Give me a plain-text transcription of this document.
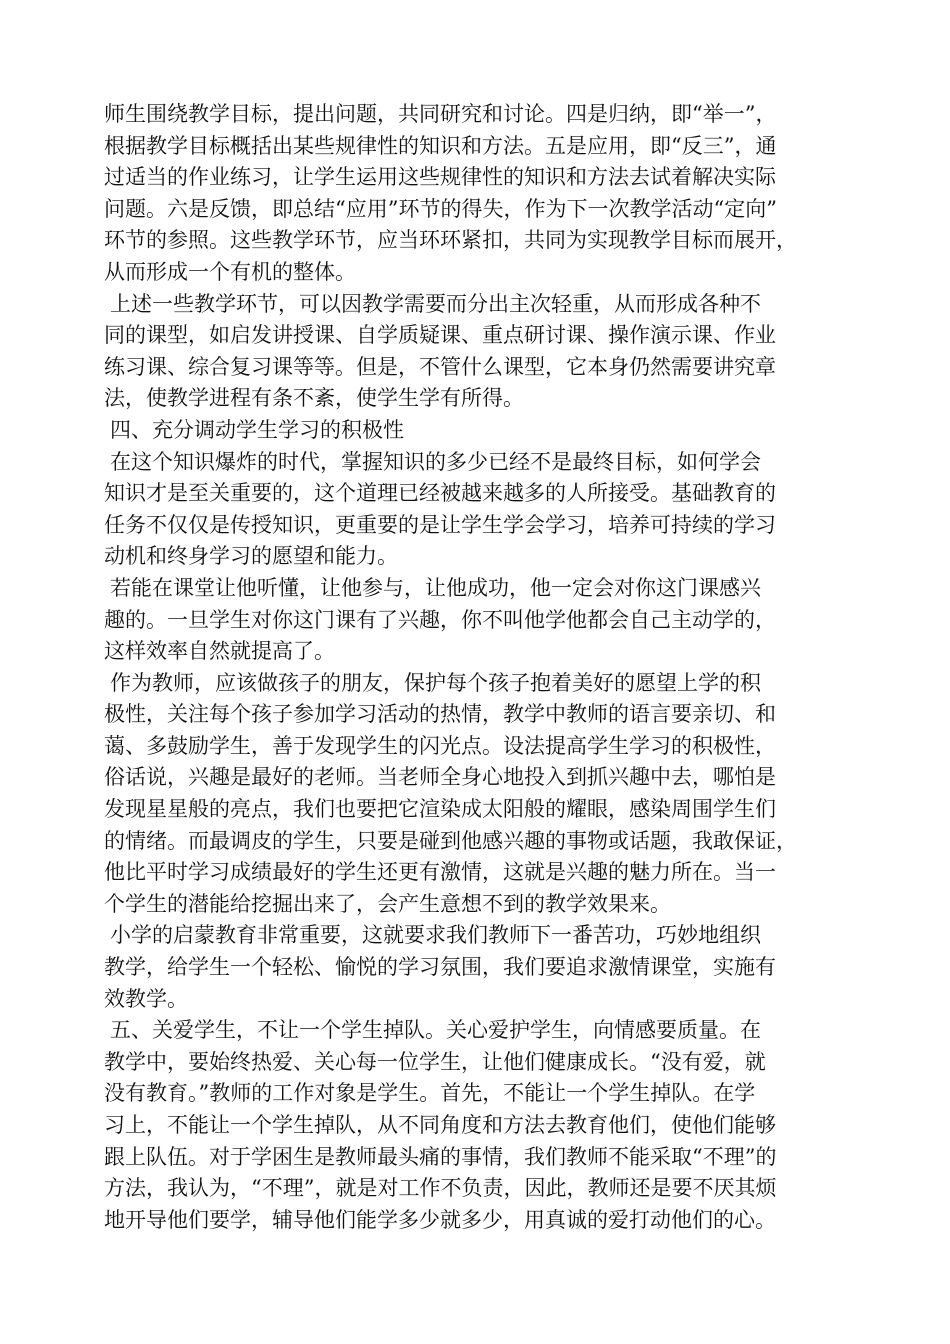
师生围绕教学目标，提出问题，共同研究和讨论。四是归纳，即“举一”，
根据教学目标概括出某些规律性的知识和方法。五是应用，即“反三”，通
过适当的作业练习，让学生运用这些规律性的知识和方法去试着解决实际
问题。六是反馈，即总结“应用”环节的得失，作为下一次教学活动“定向”
环节的参照。这些教学环节，应当环环紧扣，共同为实现教学目标而展开，
从而形成一个有机的整体。
上述一些教学环节，可以因教学需要而分出主次轻重，从而形成各种不
同的课型，如启发讲授课、自学质疑课、重点研讨课、操作演示课、作业
练习课、综合复习课等等。但是，不管什么课型，它本身仍然需要讲究章
法，使教学进程有条不紊，使学生学有所得。
四、充分调动学生学习的积极性
在这个知识爆炸的时代，掌握知识的多少已经不是最终目标，如何学会
知识才是至关重要的，这个道理已经被越来越多的人所接受。基础教育的
任务不仅仅是传授知识，更重要的是让学生学会学习，培养可持续的学习
动机和终身学习的愿望和能力。
若能在课堂让他听懂，让他参与，让他成功，他一定会对你这门课感兴
趣的。一旦学生对你这门课有了兴趣，你不叫他学他都会自己主动学的，
这样效率自然就提高了。
作为教师，应该做孩子的朋友，保护每个孩子抱着美好的愿望上学的积
极性，关注每个孩子参加学习活动的热情，教学中教师的语言要亲切、和
蔼、多鼓励学生，善于发现学生的闪光点。设法提高学生学习的积极性，
俗话说，兴趣是最好的老师。当老师全身心地投入到抓兴趣中去，哪怕是
发现星星般的亮点，我们也要把它渲染成太阳般的耀眼，感染周围学生们
的情绪。而最调皮的学生，只要是碰到他感兴趣的事物或话题，我敢保证，
他比平时学习成绩最好的学生还更有激情，这就是兴趣的魅力所在。当一
个学生的潜能给挖掘出来了，会产生意想不到的教学效果来。
小学的启蒙教育非常重要，这就要求我们教师下一番苦功，巧妙地组织
教学，给学生一个轻松、愉悦的学习氛围，我们要追求激情课堂，实施有
效教学。
五、关爱学生，不让一个学生掉队。关心爱护学生，向情感要质量。在
教学中，要始终热爱、关心每一位学生，让他们健康成长。“没有爱，就
没有教育。”教师的工作对象是学生。首先，不能让一个学生掉队。在学
习上，不能让一个学生掉队，从不同角度和方法去教育他们，使他们能够
跟上队伍。对于学困生是教师最头痛的事情，我们教师不能采取“不理”的
方法，我认为，“不理”，就是对工作不负责，因此，教师还是要不厌其烦
地开导他们要学，辅导他们能学多少就多少，用真诚的爱打动他们的心。
